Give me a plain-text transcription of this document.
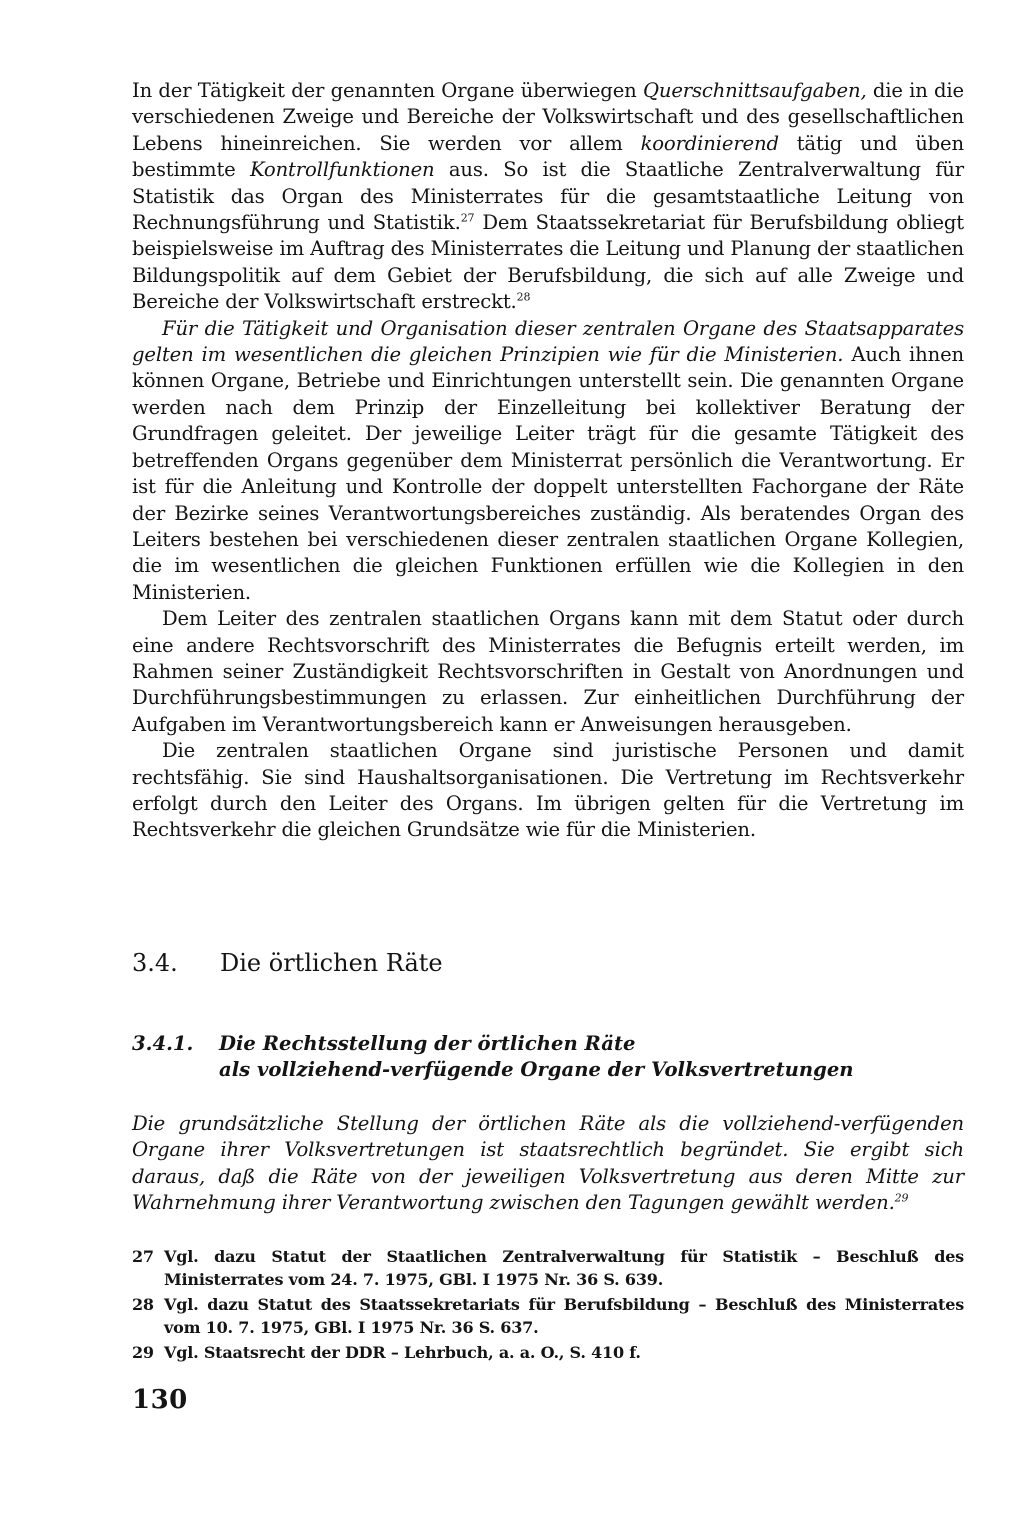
In der Tätigkeit der genannten Organe überwiegen Querschnittsaufgaben, die in die verschiedenen Zweige und Bereiche der Volkswirtschaft und des gesellschaftlichen Lebens hineinreichen. Sie werden vor allem koordinierend tätig und üben bestimmte Kontrollfunktionen aus. So ist die Staatliche Zentralverwaltung für Statistik das Organ des Ministerrates für die gesamtstaatliche Leitung von Rechnungsführung und Statistik.$^{27}$ Dem Staatssekretariat für Berufsbildung obliegt beispielsweise im Auftrag des Ministerrates die Leitung und Planung der staatlichen Bildungspolitik auf dem Gebiet der Berufsbildung, die sich auf alle Zweige und Bereiche der Volkswirtschaft erstreckt.$^{28}$

Für die Tätigkeit und Organisation dieser zentralen Organe des Staatsapparates gelten im wesentlichen die gleichen Prinzipien wie für die Ministerien. Auch ihnen können Organe, Betriebe und Einrichtungen unterstellt sein. Die genannten Organe werden nach dem Prinzip der Einzelleitung bei kollektiver Beratung der Grundfragen geleitet. Der jeweilige Leiter trägt für die gesamte Tätigkeit des betreffenden Organs gegenüber dem Ministerrat persönlich die Verantwortung. Er ist für die Anleitung und Kontrolle der doppelt unterstellten Fachorgane der Räte der Bezirke seines Verantwortungsbereiches zuständig. Als beratendes Organ des Leiters bestehen bei verschiedenen dieser zentralen staatlichen Organe Kollegien, die im wesentlichen die gleichen Funktionen erfüllen wie die Kollegien in den Ministerien.

Dem Leiter des zentralen staatlichen Organs kann mit dem Statut oder durch eine andere Rechtsvorschrift des Ministerrates die Befugnis erteilt werden, im Rahmen seiner Zuständigkeit Rechtsvorschriften in Gestalt von Anordnungen und Durchführungsbestimmungen zu erlassen. Zur einheitlichen Durchführung der Aufgaben im Verantwortungsbereich kann er Anweisungen herausgeben.

Die zentralen staatlichen Organe sind juristische Personen und damit rechtsfähig. Sie sind Haushaltsorganisationen. Die Vertretung im Rechtsverkehr erfolgt durch den Leiter des Organs. Im übrigen gelten für die Vertretung im Rechtsverkehr die gleichen Grundsätze wie für die Ministerien.

3.4. Die örtlichen Räte
3.4.1. Die Rechtsstellung der örtlichen Räte
als vollziehend-verfügende Organe der Volksvertretungen

Die grundsätzliche Stellung der örtlichen Räte als die vollziehend-verfügenden Organe ihrer Volksvertretungen ist staatsrechtlich begründet. Sie ergibt sich daraus, daß die Räte von der jeweiligen Volksvertretung aus deren Mitte zur Wahrnehmung ihrer Verantwortung zwischen den Tagungen gewählt werden.$^{29}$

27 Vgl. dazu Statut der Staatlichen Zentralverwaltung für Statistik – Beschluß des Ministerrates vom 24. 7. 1975, GBl. I 1975 Nr. 36 S. 639.

28 Vgl. dazu Statut des Staatssekretariats für Berufsbildung – Beschluß des Ministerrates vom 10. 7. 1975, GBl. I 1975 Nr. 36 S. 637.

29 Vgl. Staatsrecht der DDR – Lehrbuch, a. a. O., S. 410 f.

130
